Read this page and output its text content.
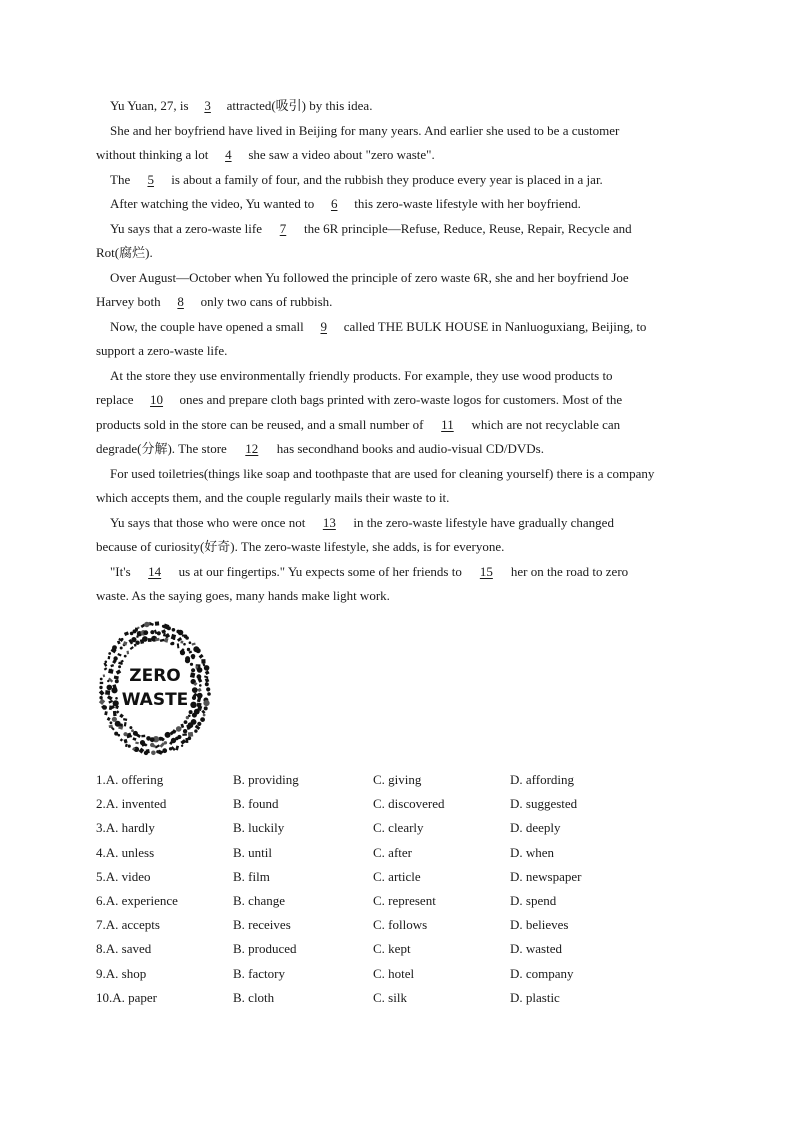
Yu Yuan, 27, is 3 attracted(吸引) by this idea.
She and her boyfriend have lived in Beijing for many years. And earlier she used to be a customer
without thinking a lot 4 she saw a video about "zero waste".
The 5 is about a family of four, and the rubbish they produce every year is placed in a jar.
After watching the video, Yu wanted to 6 this zero-waste lifestyle with her boyfriend.
Yu says that a zero-waste life 7 the 6R principle—Refuse, Reduce, Reuse, Repair, Recycle and
Rot(腐烂).
Over August—October when Yu followed the principle of zero waste 6R, she and her boyfriend Joe
Harvey both 8 only two cans of rubbish.
Now, the couple have opened a small 9 called THE BULK HOUSE in Nanluoguxiang, Beijing, to
support a zero-waste life.
At the store they use environmentally friendly products. For example, they use wood products to
replace 10 ones and prepare cloth bags printed with zero-waste logos for customers. Most of the
products sold in the store can be reused, and a small number of 11 which are not recyclable can
degrade(分解). The store 12 has secondhand books and audio-visual CD/DVDs.
For used toiletries(things like soap and toothpaste that are used for cleaning yourself) there is a company
which accepts them, and the couple regularly mails their waste to it.
Yu says that those who were once not 13 in the zero-waste lifestyle have gradually changed
because of curiosity(好奇). The zero-waste lifestyle, she adds, is for everyone.
"It's 14 us at our fingertips." Yu expects some of her friends to 15 her on the road to zero
waste. As the saying goes, many hands make light work.
ZERO
WASTE
1.A. offering	B. providing	C. giving	D. affording
2.A. invented	B. found	C. discovered	D. suggested
3.A. hardly	B. luckily	C. clearly	D. deeply
4.A. unless	B. until	C. after	D. when
5.A. video	B. film	C. article	D. newspaper
6.A. experience	B. change	C. represent	D. spend
7.A. accepts	B. receives	C. follows	D. believes
8.A. saved	B. produced	C. kept	D. wasted
9.A. shop	B. factory	C. hotel	D. company
10.A. paper	B. cloth	C. silk	D. plastic
